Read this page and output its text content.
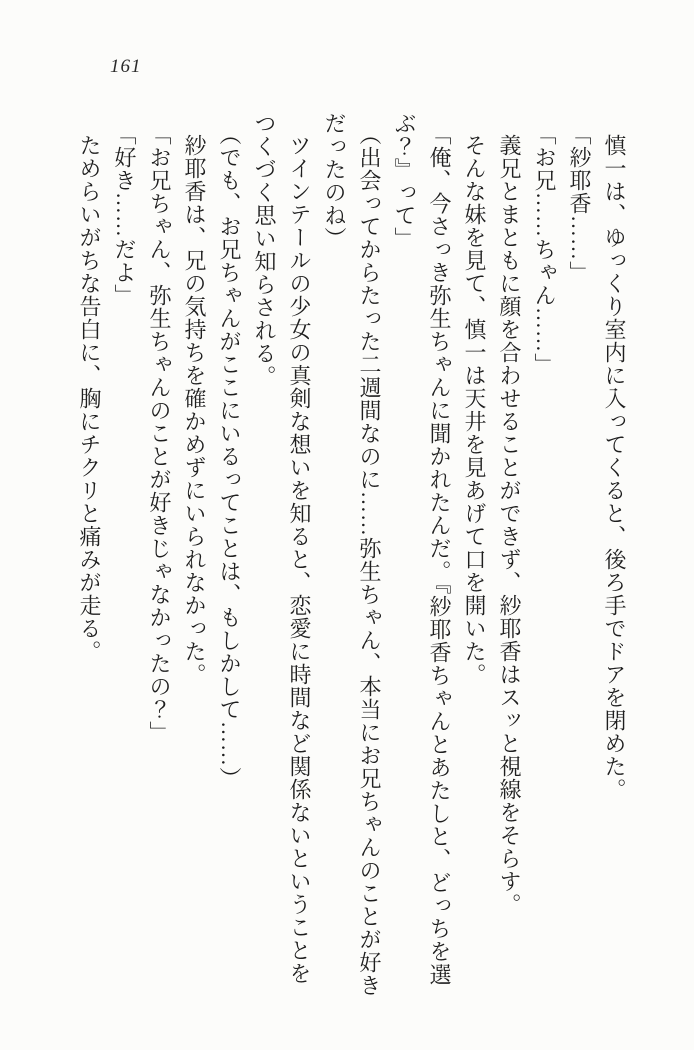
161

慎一は、ゆっくり室内に入ってくると、後ろ手でドアを閉めた。

「紗耶香……」

「お兄……ちゃん……」

義兄とまともに顔を合わせることができず、紗耶香はスッと視線をそらす。

そんな妹を見て、慎一は天井を見あげて口を開いた。

「俺、今さっき弥生ちゃんに聞かれたんだ。『紗耶香ちゃんとあたしと、どっちを選

ぶ？』って」

（出会ってからたった二週間なのに……弥生ちゃん、本当にお兄ちゃんのことが好き

だったのね）

ツインテールの少女の真剣な想いを知ると、恋愛に時間など関係ないということを

つくづく思い知らされる。

（でも、お兄ちゃんがここにいるってことは、もしかして……）

紗耶香は、兄の気持ちを確かめずにいられなかった。

「お兄ちゃん、弥生ちゃんのことが好きじゃなかったの？」

「好き……だよ」

ためらいがちな告白に、胸にチクリと痛みが走る。
